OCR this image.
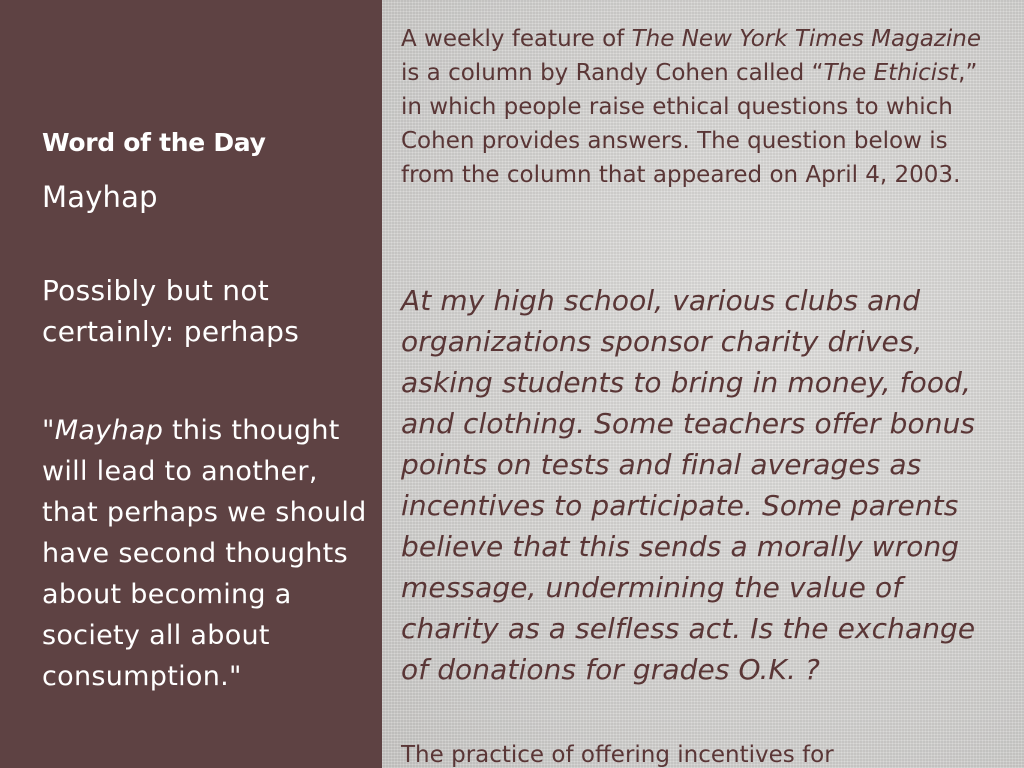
Word of the Day
Mayhap
Possibly but not certainly: perhaps
"Mayhap this thought will lead to another, that perhaps we should have second thoughts about becoming a society all about consumption."
A weekly feature of The New York Times Magazine is a column by Randy Cohen called “The Ethicist,” in which people raise ethical questions to which Cohen provides answers. The question below is from the column that appeared on April 4, 2003.
At my high school, various clubs and organizations sponsor charity drives, asking students to bring in money, food, and clothing. Some teachers offer bonus points on tests and final averages as incentives to participate. Some parents believe that this sends a morally wrong message, undermining the value of charity as a selfless act. Is the exchange of donations for grades O.K. ?
The practice of offering incentives for
